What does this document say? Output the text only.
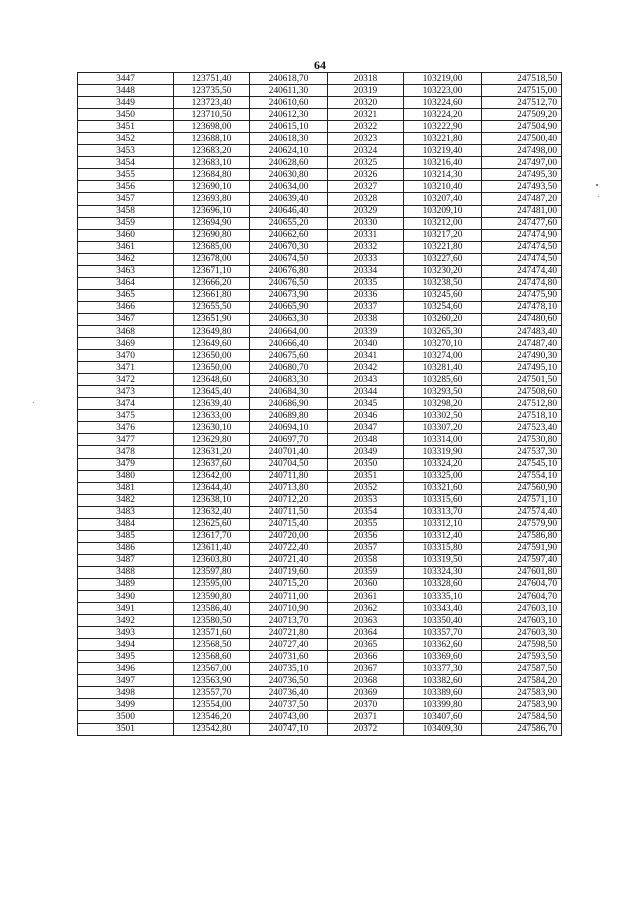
64
3447	123751,40	240618,70	20318	103219,00	247518,50
3448	123735,50	240611,30	20319	103223,00	247515,00
3449	123723,40	240610,60	20320	103224,60	247512,70
3450	123710,50	240612,30	20321	103224,20	247509,20
3451	123698,00	240615,10	20322	103222,90	247504,90
3452	123688,10	240618,30	20323	103221,80	247500,40
3453	123683,20	240624,10	20324	103219,40	247498,00
3454	123683,10	240628,60	20325	103216,40	247497,00
3455	123684,80	240630,80	20326	103214,30	247495,30
3456	123690,10	240634,00	20327	103210,40	247493,50
3457	123693,80	240639,40	20328	103207,40	247487,20
3458	123696,10	240646,40	20329	103209,10	247481,00
3459	123694,90	240655,20	20330	103212,00	247477,60
3460	123690,80	240662,60	20331	103217,20	247474,90
3461	123685,00	240670,30	20332	103221,80	247474,50
3462	123678,00	240674,50	20333	103227,60	247474,50
3463	123671,10	240676,80	20334	103230,20	247474,40
3464	123666,20	240676,50	20335	103238,50	247474,80
3465	123661,80	240673,90	20336	103245,60	247475,90
3466	123655,50	240665,90	20337	103254,60	247478,10
3467	123651,90	240663,30	20338	103260,20	247480,60
3468	123649,80	240664,00	20339	103265,30	247483,40
3469	123649,60	240666,40	20340	103270,10	247487,40
3470	123650,00	240675,60	20341	103274,00	247490,30
3471	123650,00	240680,70	20342	103281,40	247495,10
3472	123648,60	240683,30	20343	103285,60	247501,50
3473	123645,40	240684,30	20344	103293,50	247508,60
3474	123639,40	240686,90	20345	103298,20	247512,80
3475	123633,00	240689,80	20346	103302,50	247518,10
3476	123630,10	240694,10	20347	103307,20	247523,40
3477	123629,80	240697,70	20348	103314,00	247530,80
3478	123631,20	240701,40	20349	103319,90	247537,30
3479	123637,60	240704,50	20350	103324,20	247545,10
3480	123642,00	240711,80	20351	103325,00	247554,10
3481	123644,40	240713,80	20352	103321,60	247560,90
3482	123638,10	240712,20	20353	103315,60	247571,10
3483	123632,40	240711,50	20354	103313,70	247574,40
3484	123625,60	240715,40	20355	103312,10	247579,90
3485	123617,70	240720,00	20356	103312,40	247586,80
3486	123611,40	240722,40	20357	103315,80	247591,90
3487	123603,80	240721,40	20358	103319,50	247597,40
3488	123597,80	240719,60	20359	103324,30	247601,80
3489	123595,00	240715,20	20360	103328,60	247604,70
3490	123590,80	240711,00	20361	103335,10	247604,70
3491	123586,40	240710,90	20362	103343,40	247603,10
3492	123580,50	240713,70	20363	103350,40	247603,10
3493	123571,60	240721,80	20364	103357,70	247603,30
3494	123568,50	240727,40	20365	103362,60	247598,50
3495	123568,60	240731,60	20366	103369,60	247593,50
3496	123567,00	240735,10	20367	103377,30	247587,50
3497	123563,90	240736,50	20368	103382,60	247584,20
3498	123557,70	240736,40	20369	103389,60	247583,90
3499	123554,00	240737,50	20370	103399,80	247583,90
3500	123546,20	240743,00	20371	103407,60	247584,50
3501	123542,80	240747,10	20372	103409,30	247586,70
